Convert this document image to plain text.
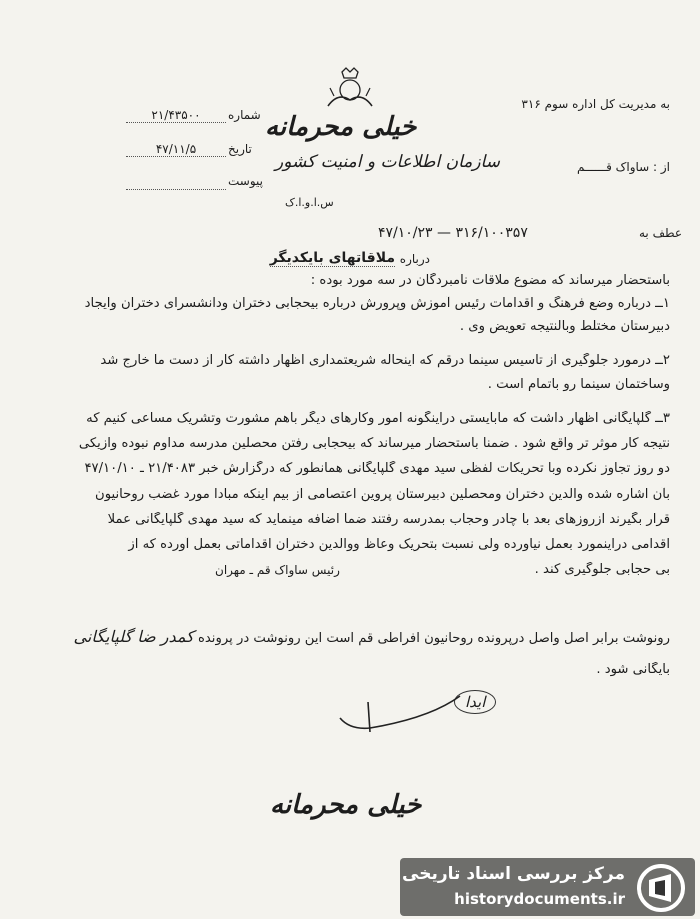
به مدیریت کل اداره سوم ۳۱۶
از : ساواک قــــــم
خیلی محرمانه
سازمان اطلاعات و امنیت کشور
س.ا.و.ا.ک
شماره
۲۱/۴۳۵۰۰
تاریخ
۴۷/۱۱/۵
پیوست
عطف به
۴۷/۱۰/۲۳ — ۳۱۶/۱۰۰۳۵۷
درباره
ملاقاتهای بایکدیگر
باستحضار میرساند که مضوع ملاقات نامبردگان در سه مورد بوده :
۱ــ درباره وضع فرهنگ و اقدامات رئیس آموزش وپرورش درباره بیحجابی دختران ودانشسرای دختران وایجاد
دبیرستان مختلط وبالنتیجه تعویض وی .
۲ــ درمورد جلوگیری از تاسیس سینما درقم که اینحاله شریعتمداری اظهار داشته کار از دست ما خارج شد
وساختمان سینما رو باتمام است .
۳ــ گلپایگانی اظهار داشت که مابایستی دراینگونه امور وکارهای دیگر باهم مشورت وتشریک مساعی کنیم که
نتیجه کار موثر تر واقع شود . ضمنا باستحضار میرساند که بیحجابی رفتن محصلین مدرسه مداوم نبوده وازیکی
دو روز تجاوز نکرده وبا تحریکات لفظی سید مهدی گلپایگانی همانطور که درگزارش خبر ۲۱/۴۰۸۳ ـ ۴۷/۱۰/۱۰
بآن اشاره شده والدین دختران ومحصلین دبیرستان پروین اعتصامی از بیم اینکه مبادا مورد غضب روحانیون
قرار بگیرند ازروزهای بعد با چادر وحجاب بمدرسه رفتند ضما اضافه مینماید که سید مهدی گلپایگانی عملا
اقدامی دراینمورد بعمل نیاورده ولی نسبت بتحریک وعاظ ووالدین دختران اقداماتی بعمل آورده که از
بی حجابی جلوگیری کند .
رئیس ساواک قم ـ مهران
رونوشت برابر اصل واصل درپرونده روحانیون افراطی قم است این رونوشت در پرونده کمدر ضا گلپایگانی
بایگانی شود .
ایدا
خیلی محرمانه
مرکز بررسی اسناد تاریخی
historydocuments.ir
